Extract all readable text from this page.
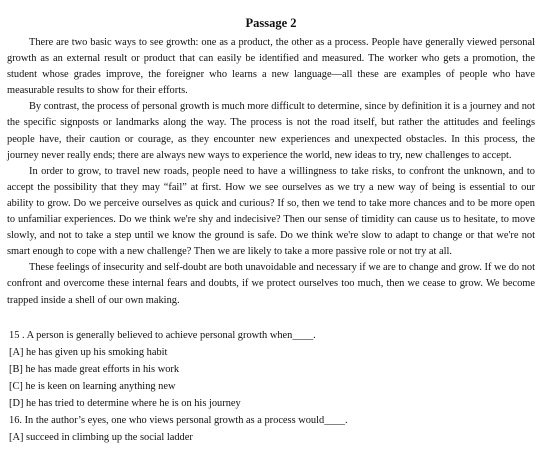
Passage 2

There are two basic ways to see growth: one as a product, the other as a process. People have generally viewed personal growth as an external result or product that can easily be identified and measured. The worker who gets a promotion, the student whose grades improve, the foreigner who learns a new language—all these are examples of people who have measurable results to show for their efforts.

By contrast, the process of personal growth is much more difficult to determine, since by definition it is a journey and not the specific signposts or landmarks along the way. The process is not the road itself, but rather the attitudes and feelings people have, their caution or courage, as they encounter new experiences and unexpected obstacles. In this process, the journey never really ends; there are always new ways to experience the world, new ideas to try, new challenges to accept.

In order to grow, to travel new roads, people need to have a willingness to take risks, to confront the unknown, and to accept the possibility that they may “fail” at first. How we see ourselves as we try a new way of being is essential to our ability to grow. Do we perceive ourselves as quick and curious? If so, then we tend to take more chances and to be more open to unfamiliar experiences. Do we think we're shy and indecisive? Then our sense of timidity can cause us to hesitate, to move slowly, and not to take a step until we know the ground is safe. Do we think we're slow to adapt to change or that we're not smart enough to cope with a new challenge? Then we are likely to take a more passive role or not try at all.

These feelings of insecurity and self-doubt are both unavoidable and necessary if we are to change and grow. If we do not confront and overcome these internal fears and doubts, if we protect ourselves too much, then we cease to grow. We become trapped inside a shell of our own making.

15 . A person is generally believed to achieve personal growth when____.

[A] he has given up his smoking habit

[B] he has made great efforts in his work

[C] he is keen on learning anything new

[D] he has tried to determine where he is on his journey

16. In the author’s eyes, one who views personal growth as a process would____.

[A] succeed in climbing up the social ladder
